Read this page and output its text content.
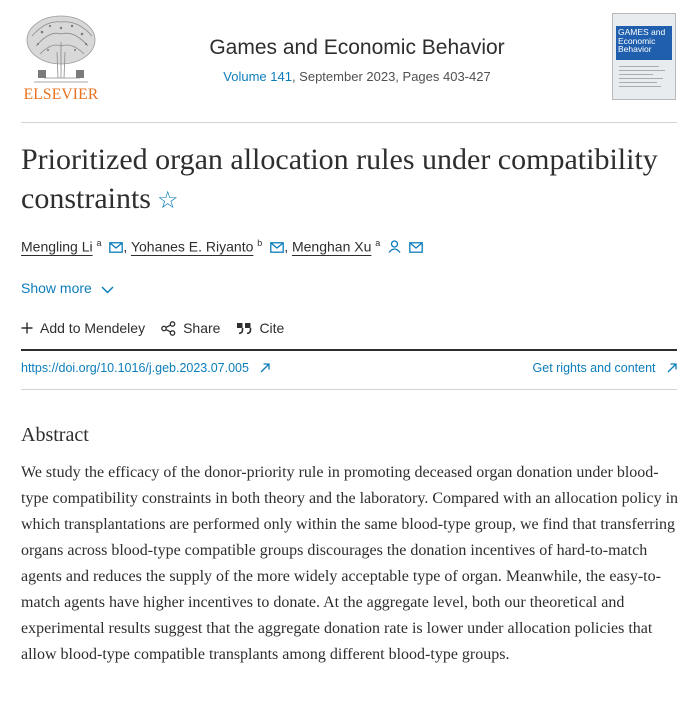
ELSEVIER
Games and Economic Behavior
Volume 141, September 2023, Pages 403-427
GAMES and Economic Behavior
Prioritized organ allocation rules under compatibility constraints ☆
Mengling Li $^a$ , Yohanes E. Riyanto $^b$ , Menghan Xu $^a$
Show more
Add to Mendeley	Share	Cite
https://doi.org/10.1016/j.geb.2023.07.005	Get rights and content
Abstract

We study the efficacy of the donor-priority rule in promoting deceased organ donation under blood-type compatibility constraints in both theory and the laboratory. Compared with an allocation policy in which transplantations are performed only within the same blood-type group, we find that transferring organs across blood-type compatible groups discourages the donation incentives of hard-to-match agents and reduces the supply of the more widely acceptable type of organ. Meanwhile, the easy-to-match agents have higher incentives to donate. At the aggregate level, both our theoretical and experimental results suggest that the aggregate donation rate is lower under allocation policies that allow blood-type compatible transplants among different blood-type groups.
